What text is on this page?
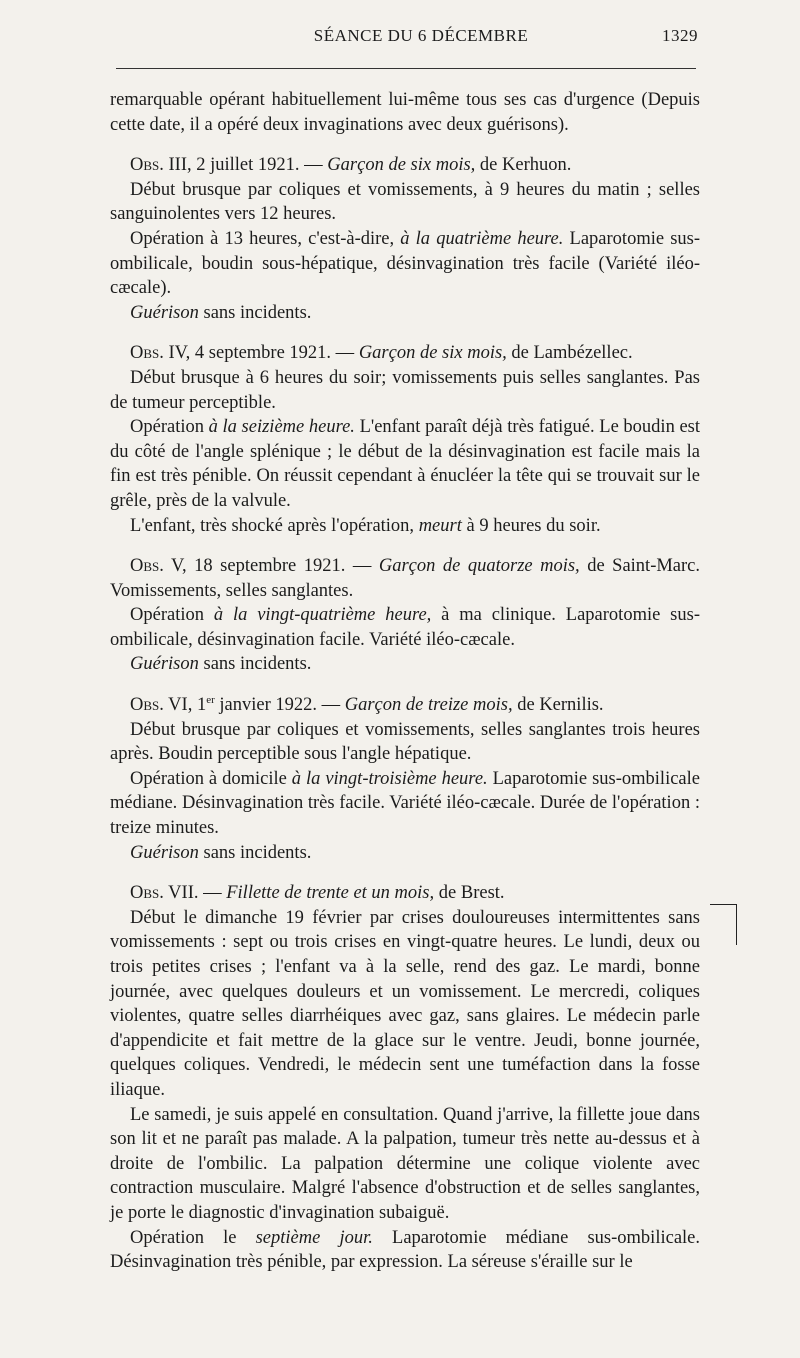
SÉANCE DU 6 DÉCEMBRE	1329

remarquable opérant habituellement lui-même tous ses cas d'urgence (Depuis cette date, il a opéré deux invaginations avec deux guérisons).

Obs. III, 2 juillet 1921. — Garçon de six mois, de Kerhuon.

Début brusque par coliques et vomissements, à 9 heures du matin ; selles sanguinolentes vers 12 heures.

Opération à 13 heures, c'est-à-dire, à la quatrième heure. Laparotomie sus-ombilicale, boudin sous-hépatique, désinvagination très facile (Variété iléo-cæcale).

Guérison sans incidents.

Obs. IV, 4 septembre 1921. — Garçon de six mois, de Lambézellec.

Début brusque à 6 heures du soir; vomissements puis selles sanglantes. Pas de tumeur perceptible.

Opération à la seizième heure. L'enfant paraît déjà très fatigué. Le boudin est du côté de l'angle splénique ; le début de la désinvagination est facile mais la fin est très pénible. On réussit cependant à énucléer la tête qui se trouvait sur le grêle, près de la valvule.

L'enfant, très shocké après l'opération, meurt à 9 heures du soir.

Obs. V, 18 septembre 1921. — Garçon de quatorze mois, de Saint-Marc. Vomissements, selles sanglantes.

Opération à la vingt-quatrième heure, à ma clinique. Laparotomie sus-ombilicale, désinvagination facile. Variété iléo-cæcale.

Guérison sans incidents.

Obs. VI, 1er janvier 1922. — Garçon de treize mois, de Kernilis.

Début brusque par coliques et vomissements, selles sanglantes trois heures après. Boudin perceptible sous l'angle hépatique.

Opération à domicile à la vingt-troisième heure. Laparotomie sus-ombilicale médiane. Désinvagination très facile. Variété iléo-cæcale. Durée de l'opération : treize minutes.

Guérison sans incidents.

Obs. VII. — Fillette de trente et un mois, de Brest.

Début le dimanche 19 février par crises douloureuses intermittentes sans vomissements : sept ou trois crises en vingt-quatre heures. Le lundi, deux ou trois petites crises ; l'enfant va à la selle, rend des gaz. Le mardi, bonne journée, avec quelques douleurs et un vomissement. Le mercredi, coliques violentes, quatre selles diarrhéiques avec gaz, sans glaires. Le médecin parle d'appendicite et fait mettre de la glace sur le ventre. Jeudi, bonne journée, quelques coliques. Vendredi, le médecin sent une tuméfaction dans la fosse iliaque.

Le samedi, je suis appelé en consultation. Quand j'arrive, la fillette joue dans son lit et ne paraît pas malade. A la palpation, tumeur très nette au-dessus et à droite de l'ombilic. La palpation détermine une colique violente avec contraction musculaire. Malgré l'absence d'obstruction et de selles sanglantes, je porte le diagnostic d'invagination subaiguë.

Opération le septième jour. Laparotomie médiane sus-ombilicale. Désinvagination très pénible, par expression. La séreuse s'éraille sur le
